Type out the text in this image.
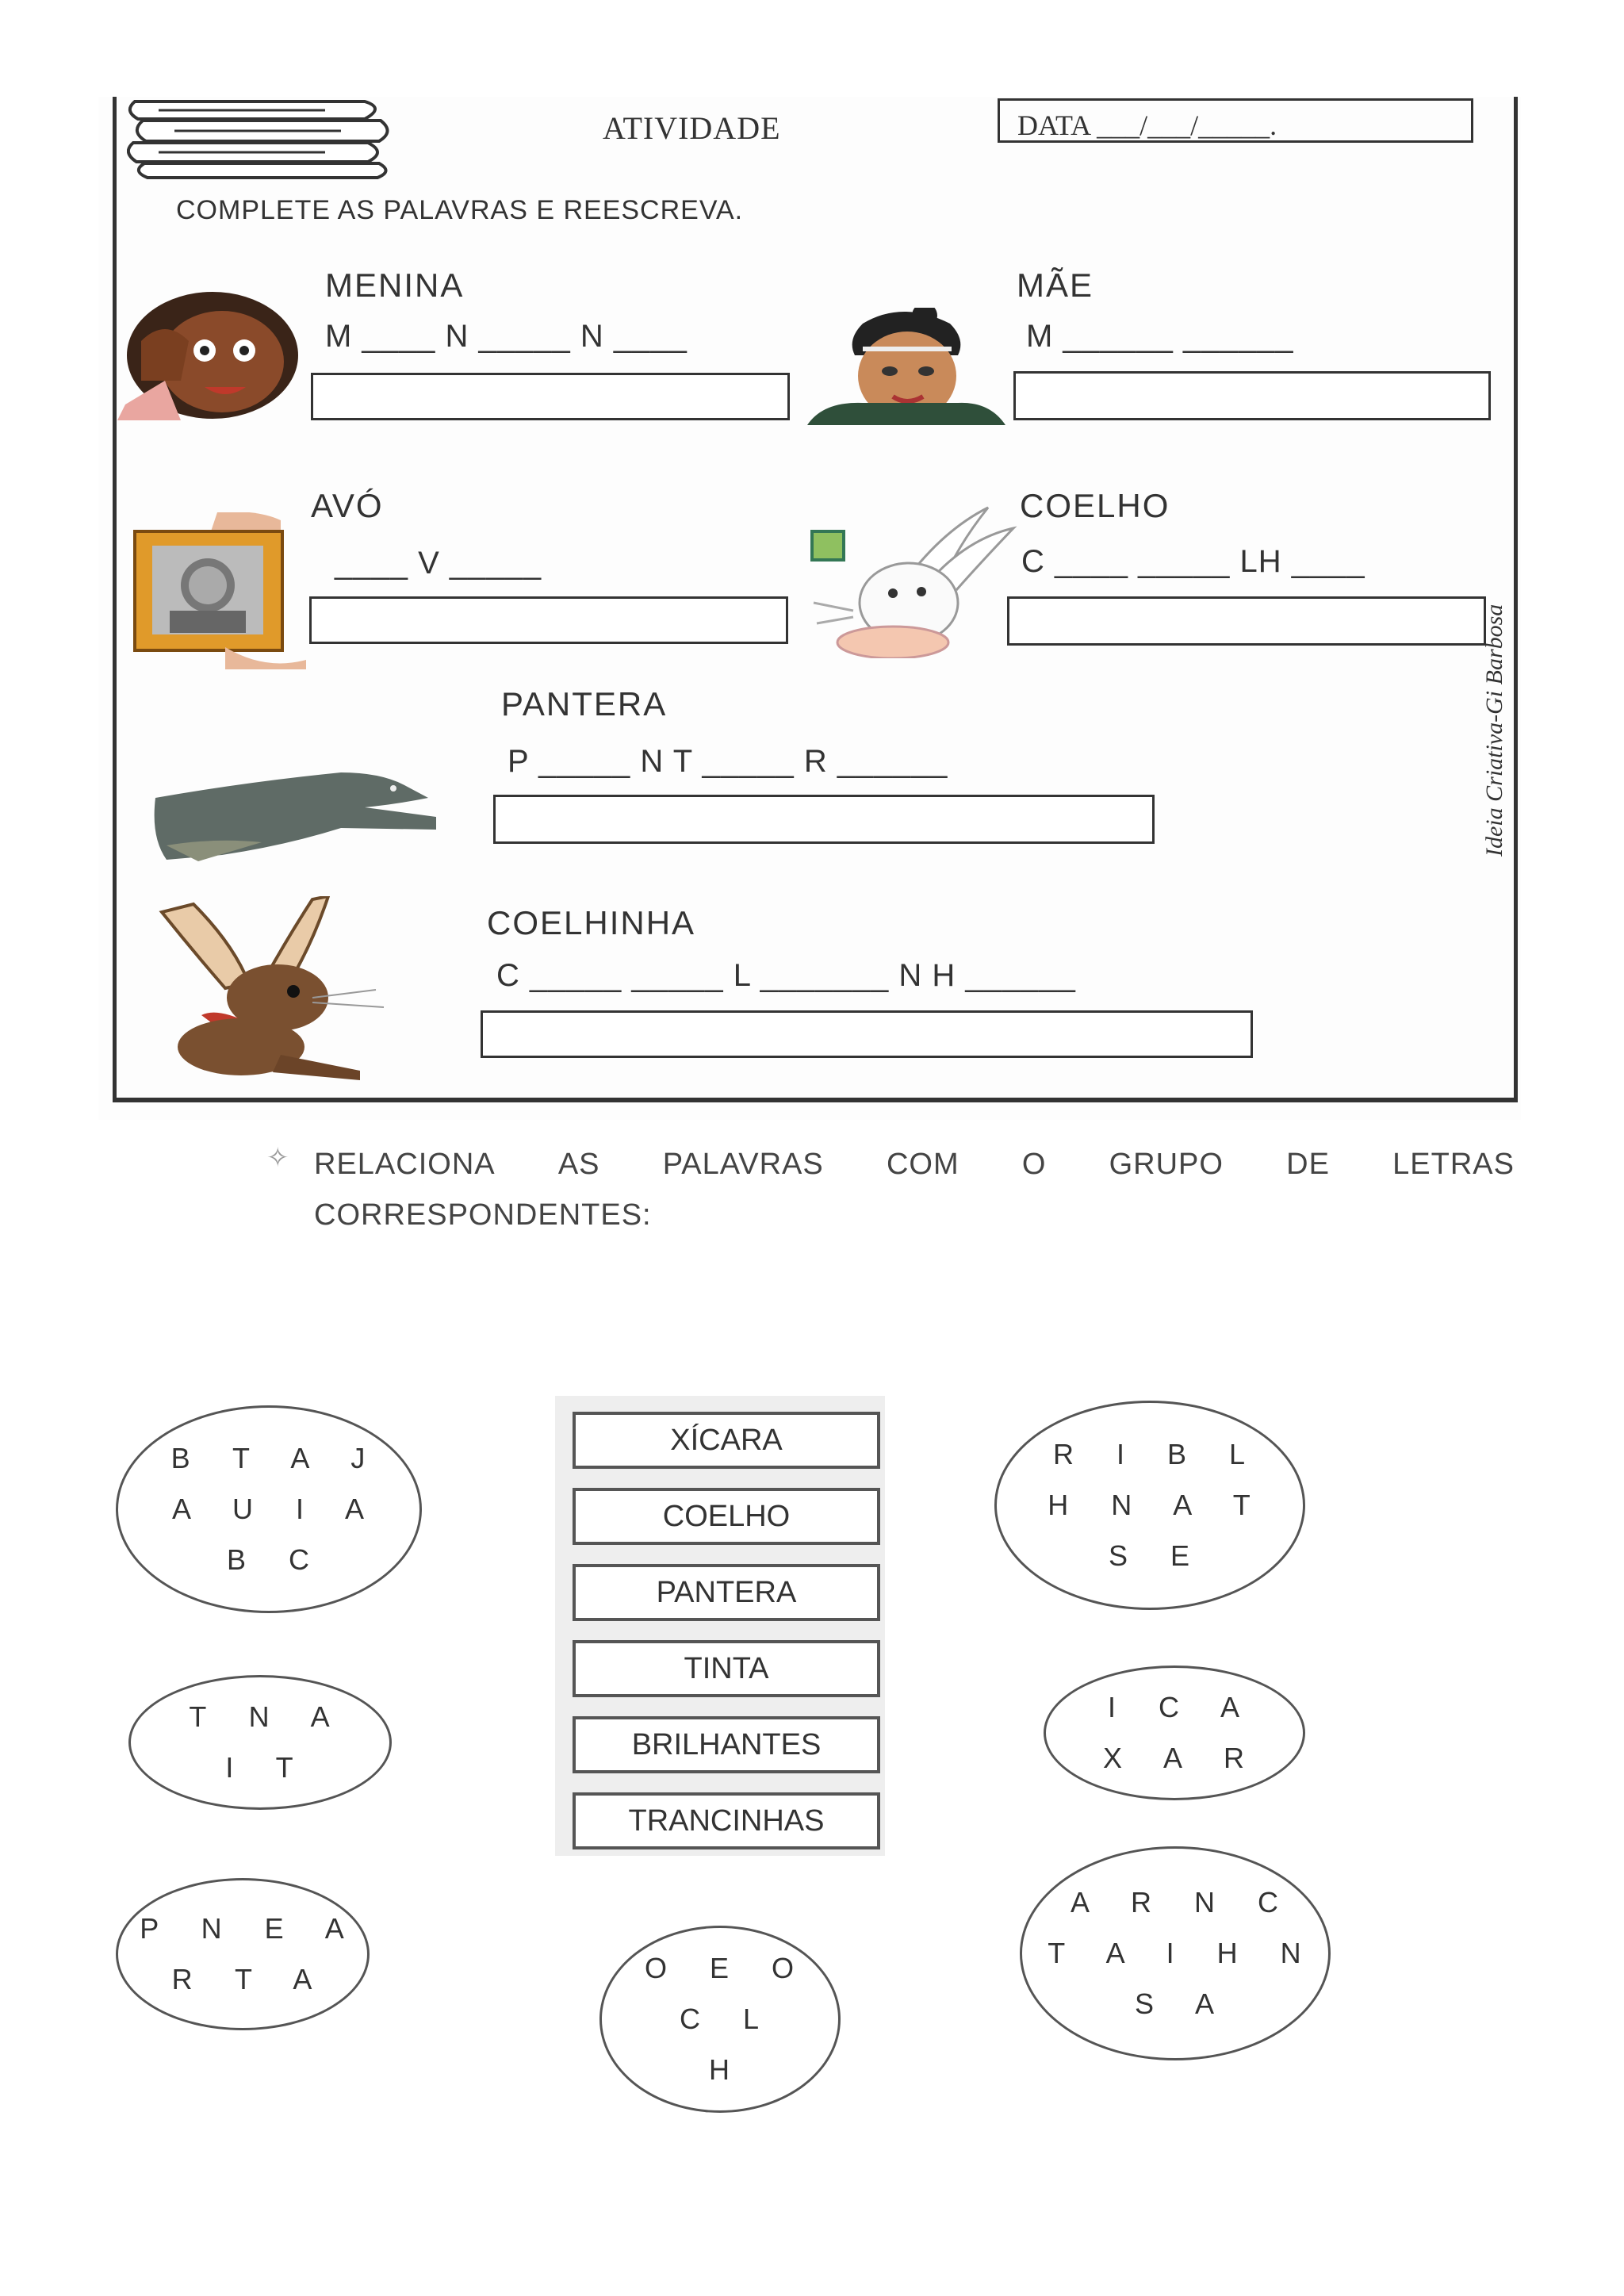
ATIVIDADE	DATA ___/___/_____.
COMPLETE AS PALAVRAS E REESCREVA.
MENINA
M ____ N _____ N ____
MÃE
M ______ ______
AVÓ
____ V _____
COELHO
C ____ _____ LH ____
PANTERA
P _____ N T _____ R ______
COELHINHA
C _____ _____ L _______ N H ______
Ideia Criativa-Gi Barbosa
✧ RELACIONA AS PALAVRAS COM O GRUPO DE LETRAS
CORRESPONDENTES:
XÍCARA
COELHO
PANTERA
TINTA
BRILHANTES
TRANCINHAS
B T A J
A U I A
B C
T N A
I T
P N E A
R T A	O E O
C L
H
R I B L
H N A T
S E
I C A
X A R
A R N C
T A I H N
S A
